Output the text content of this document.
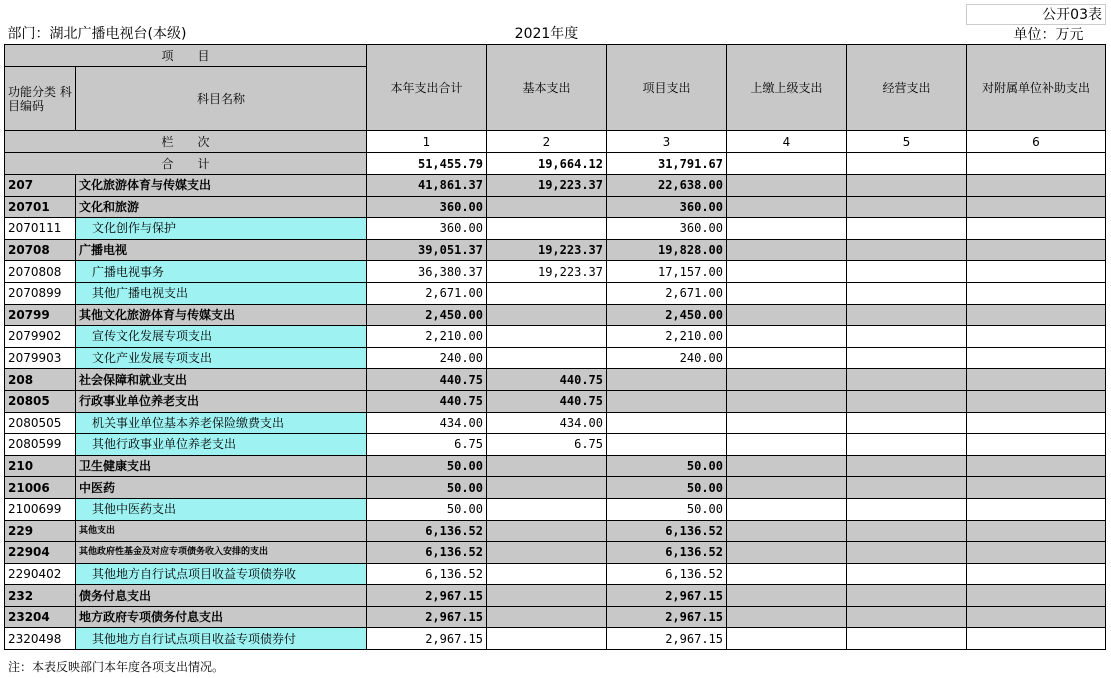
							公开03表
部门：湖北广播电视台(本级)		2021年度					单位：万元
项　　目		本年支出合计	基本支出	项目支出	上缴上级支出	经营支出	对附属单位补助支出
功能分类 科目编码	科目名称						
栏　　次		1	2	3	4	5	6
合　　计		51,455.79	19,664.12	31,791.67			
207	文化旅游体育与传媒支出	41,861.37	19,223.37	22,638.00			
20701	文化和旅游	360.00		360.00			
2070111	文化创作与保护	360.00		360.00			
20708	广播电视	39,051.37	19,223.37	19,828.00			
2070808	广播电视事务	36,380.37	19,223.37	17,157.00			
2070899	其他广播电视支出	2,671.00		2,671.00			
20799	其他文化旅游体育与传媒支出	2,450.00		2,450.00			
2079902	宣传文化发展专项支出	2,210.00		2,210.00			
2079903	文化产业发展专项支出	240.00		240.00			
208	社会保障和就业支出	440.75	440.75				
20805	行政事业单位养老支出	440.75	440.75				
2080505	机关事业单位基本养老保险缴费支出	434.00	434.00				
2080599	其他行政事业单位养老支出	6.75	6.75				
210	卫生健康支出	50.00		50.00			
21006	中医药	50.00		50.00			
2100699	其他中医药支出	50.00		50.00			
229	其他支出	6,136.52		6,136.52			
22904	其他政府性基金及对应专项债务收入安排的支出	6,136.52		6,136.52			
2290402	其他地方自行试点项目收益专项债券收	6,136.52		6,136.52			
232	债务付息支出	2,967.15		2,967.15			
23204	地方政府专项债务付息支出	2,967.15		2,967.15			
2320498	其他地方自行试点项目收益专项债券付	2,967.15		2,967.15			
注：本表反映部门本年度各项支出情况。
